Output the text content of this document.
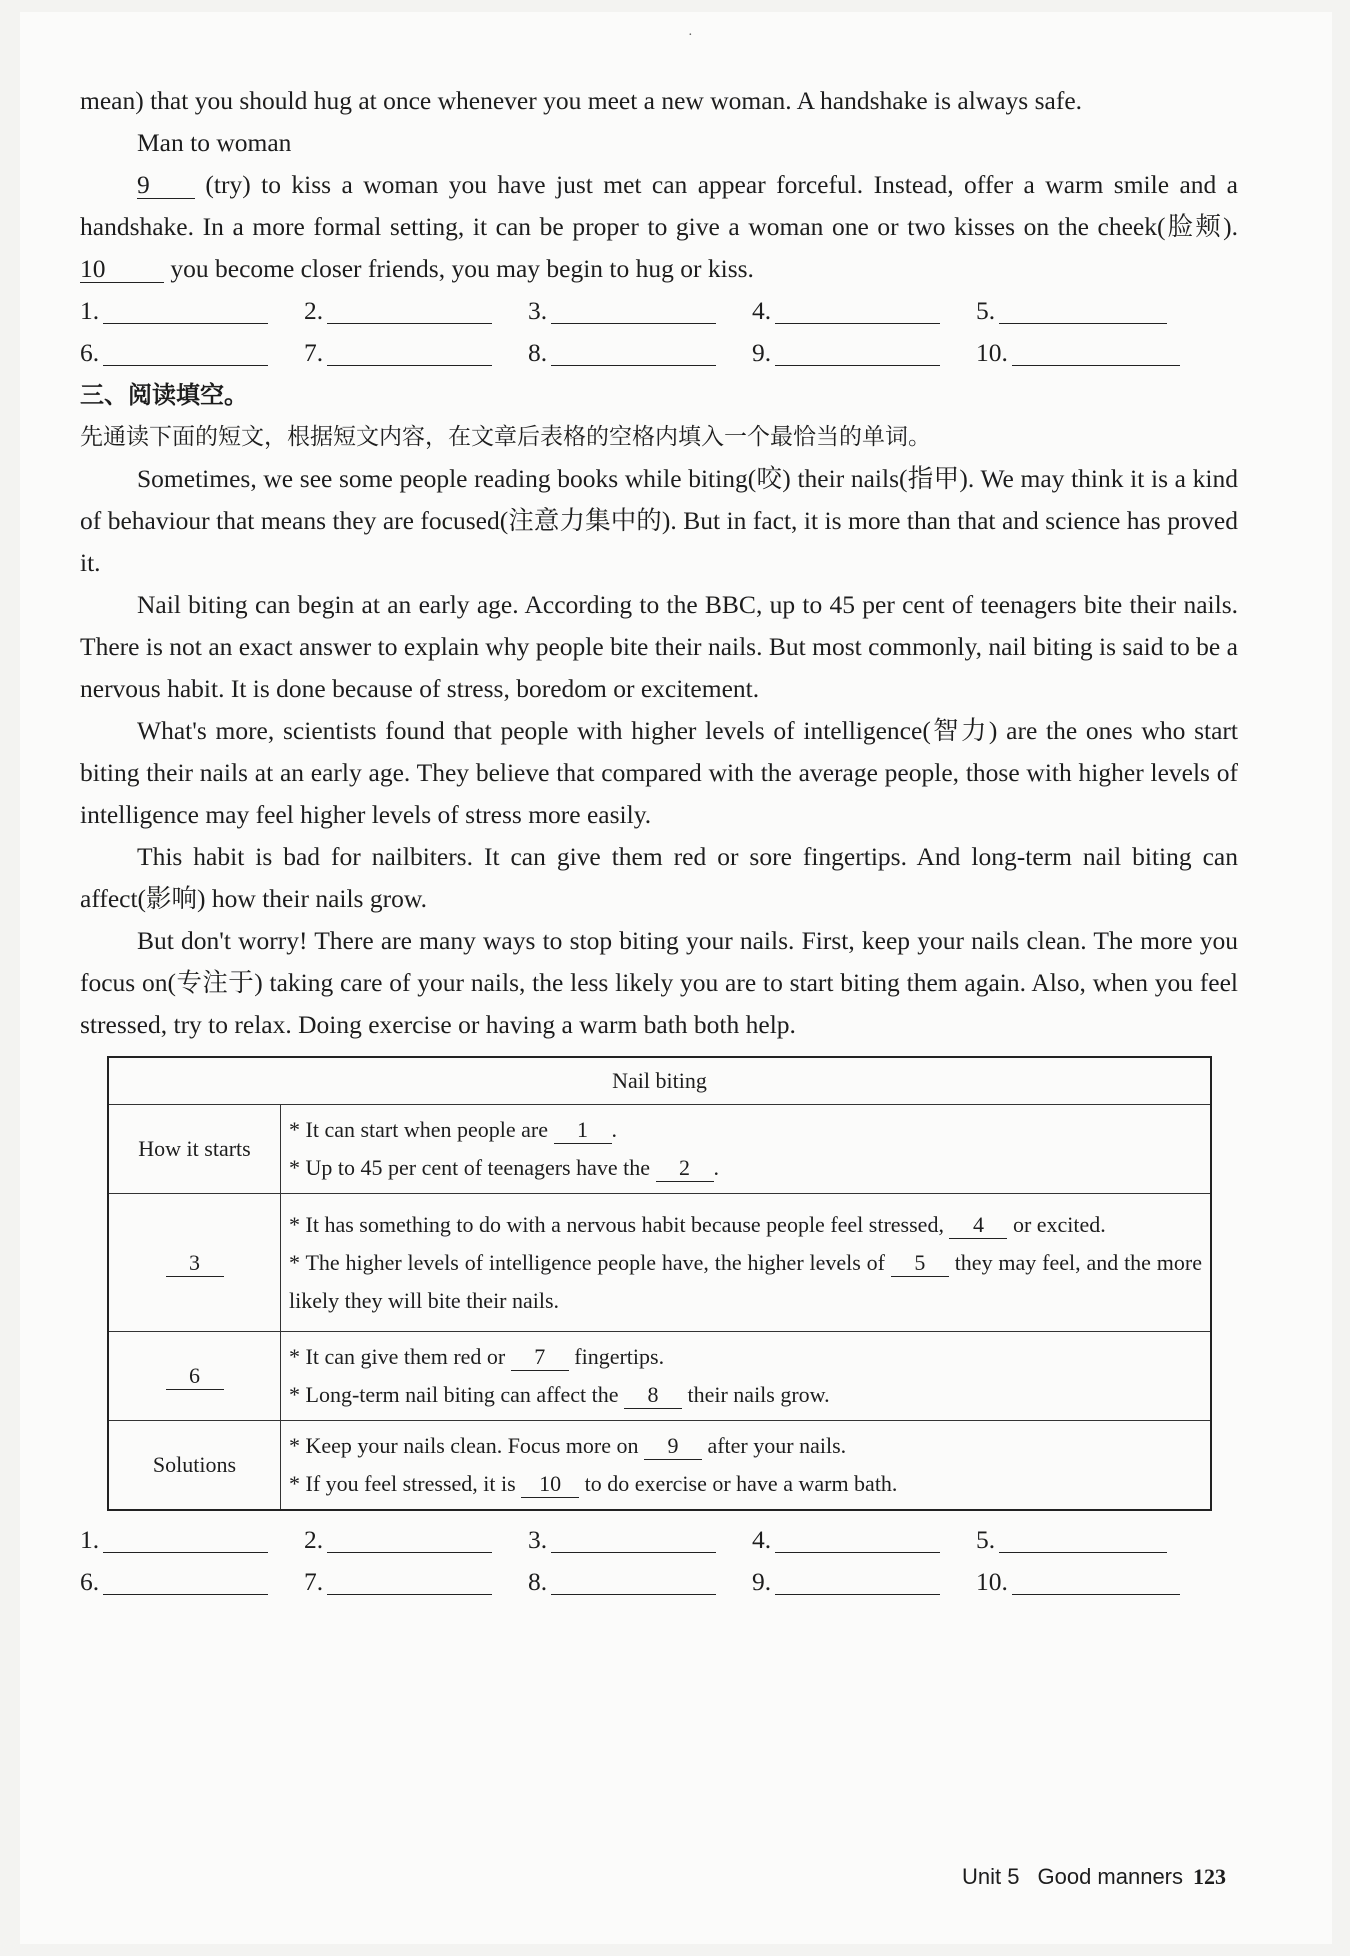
·

mean) that you should hug at once whenever you meet a new woman. A handshake is always safe.

Man to woman

9 (try) to kiss a woman you have just met can appear forceful. Instead, offer a warm smile and a handshake. In a more formal setting, it can be proper to give a woman one or two kisses on the cheek(脸颊). 10 you become closer friends, you may begin to hug or kiss.

1.	2.	3.	4.	5.
6.	7.	8.	9.	10.
三、阅读填空。

先通读下面的短文，根据短文内容，在文章后表格的空格内填入一个最恰当的单词。

Sometimes, we see some people reading books while biting(咬) their nails(指甲). We may think it is a kind of behaviour that means they are focused(注意力集中的). But in fact, it is more than that and science has proved it.

Nail biting can begin at an early age. According to the BBC, up to 45 per cent of teenagers bite their nails. There is not an exact answer to explain why people bite their nails. But most commonly, nail biting is said to be a nervous habit. It is done because of stress, boredom or excitement.

What's more, scientists found that people with higher levels of intelligence(智力) are the ones who start biting their nails at an early age. They believe that compared with the average people, those with higher levels of intelligence may feel higher levels of stress more easily.

This habit is bad for nailbiters. It can give them red or sore fingertips. And long-term nail biting can affect(影响) how their nails grow.

But don't worry! There are many ways to stop biting your nails. First, keep your nails clean. The more you focus on(专注于) taking care of your nails, the less likely you are to start biting them again. Also, when you feel stressed, try to relax. Doing exercise or having a warm bath both help.

Nail biting	
How it starts	* It can start when people are 1 .
* Up to 45 per cent of teenagers have the 2 .

3	* It has something to do with a nervous habit because people feel stressed, 4 or excited.
* The higher levels of intelligence people have, the higher levels of 5 they may feel, and the more likely they will bite their nails.

6	* It can give them red or 7 fingertips.
* Long-term nail biting can affect the 8 their nails grow.

Solutions	* Keep your nails clean. Focus more on 9 after your nails.
* If you feel stressed, it is 10 to do exercise or have a warm bath.
1.	2.	3.	4.	5.
6.	7.	8.	9.	10.
Unit 5 Good manners 123
